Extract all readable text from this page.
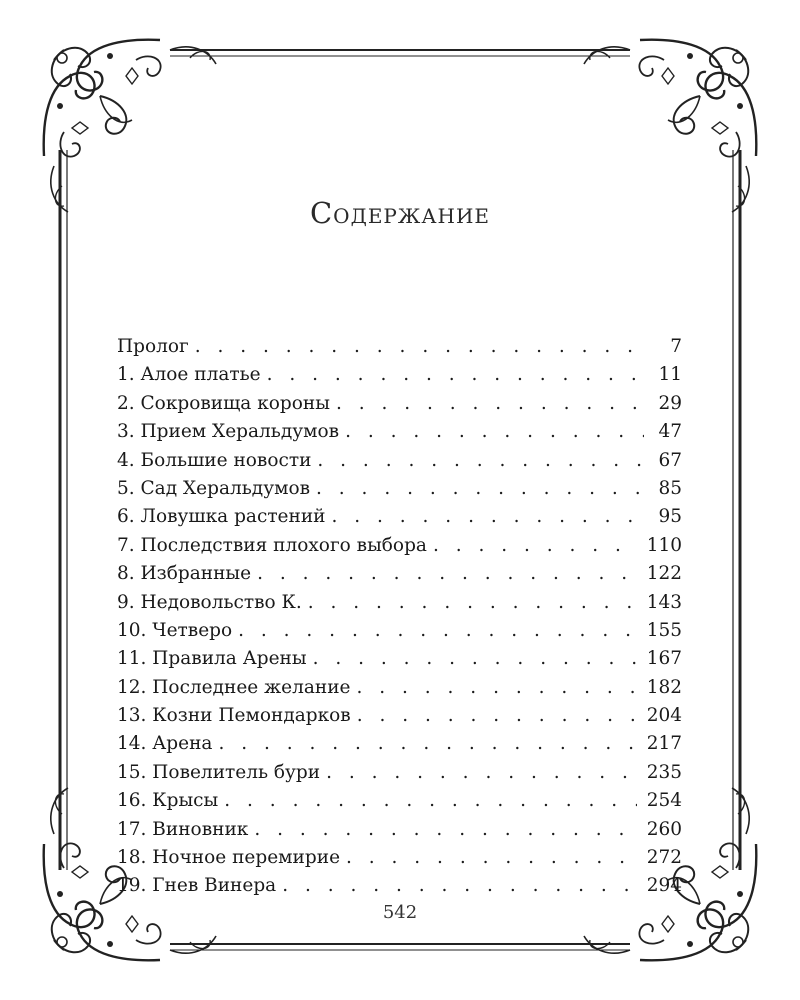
Содержание
Пролог . . .	7
1. Алое платье . . .	11
2. Сокровища короны . . .	29
3. Прием Херальдумов . . .	47
4. Большие новости . . .	67
5. Сад Херальдумов . . .	85
6. Ловушка растений . . .	95
7. Последствия плохого выбора . . .	110
8. Избранные . . .	122
9. Недовольство К. . . .	143
10. Четверо . . .	155
11. Правила Арены . . .	167
12. Последнее желание . . .	182
13. Козни Пемондарков . . .	204
14. Арена . . .	217
15. Повелитель бури . . .	235
16. Крысы . . .	254
17. Виновник . . .	260
18. Ночное перемирие . . .	272
19. Гнев Винера . . .	294
542
